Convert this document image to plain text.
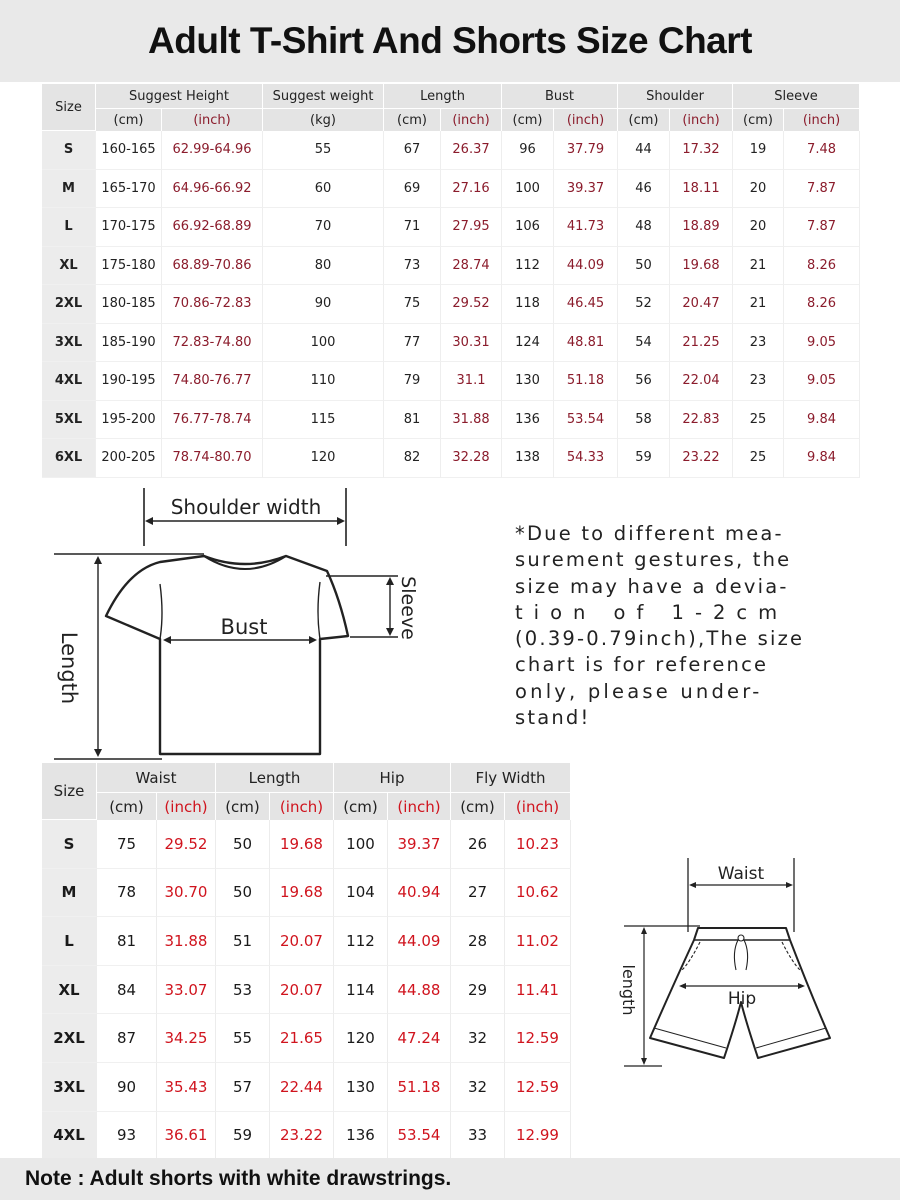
Adult T-Shirt And Shorts Size Chart
Size	Suggest Height		Suggest weight	Length		Bust		Shoulder		Sleeve	
	(cm)	(inch)	(kg)	(cm)	(inch)	(cm)	(inch)	(cm)	(inch)	(cm)	(inch)
S	160-165	62.99-64.96	55	67	26.37	96	37.79	44	17.32	19	7.48
M	165-170	64.96-66.92	60	69	27.16	100	39.37	46	18.11	20	7.87
L	170-175	66.92-68.89	70	71	27.95	106	41.73	48	18.89	20	7.87
XL	175-180	68.89-70.86	80	73	28.74	112	44.09	50	19.68	21	8.26
2XL	180-185	70.86-72.83	90	75	29.52	118	46.45	52	20.47	21	8.26
3XL	185-190	72.83-74.80	100	77	30.31	124	48.81	54	21.25	23	9.05
4XL	190-195	74.80-76.77	110	79	31.1	130	51.18	56	22.04	23	9.05
5XL	195-200	76.77-78.74	115	81	31.88	136	53.54	58	22.83	25	9.84
6XL	200-205	78.74-80.70	120	82	32.28	138	54.33	59	23.22	25	9.84
Shoulder width
Bust
Length
Sleeve
*Due to different mea-
surement gestures, the
size may have a devia-
tion of 1-2cm
(0.39-0.79inch),The size
chart is for reference
only, please under-
stand!
Size	Waist		Length		Hip		Fly Width	
	(cm)	(inch)	(cm)	(inch)	(cm)	(inch)	(cm)	(inch)
S	75	29.52	50	19.68	100	39.37	26	10.23
M	78	30.70	50	19.68	104	40.94	27	10.62
L	81	31.88	51	20.07	112	44.09	28	11.02
XL	84	33.07	53	20.07	114	44.88	29	11.41
2XL	87	34.25	55	21.65	120	47.24	32	12.59
3XL	90	35.43	57	22.44	130	51.18	32	12.59
4XL	93	36.61	59	23.22	136	53.54	33	12.99
Waist
Hip
length
Note : Adult shorts with white drawstrings.
